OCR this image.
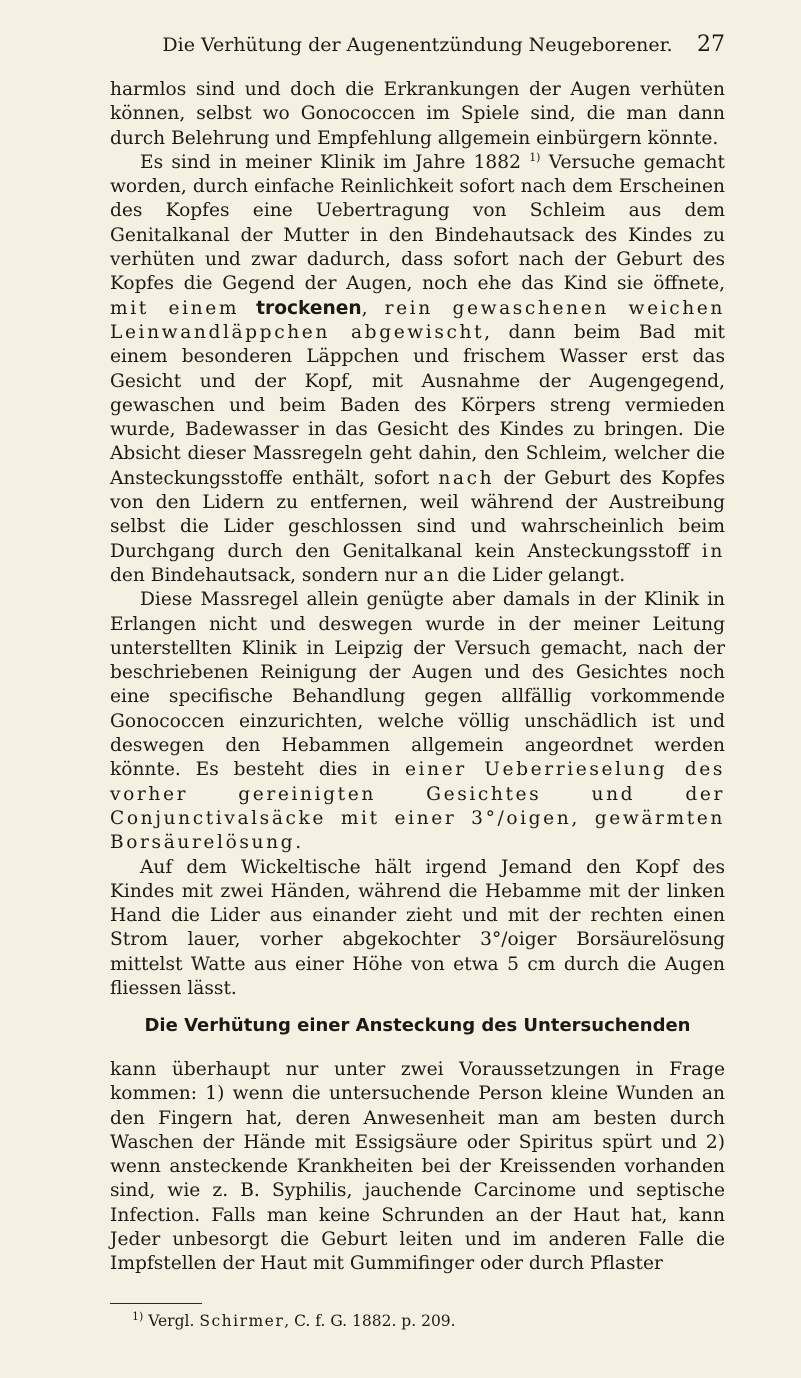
Die Verhütung der Augenentzündung Neugeborener.	27

harmlos sind und doch die Erkrankungen der Augen verhüten können, selbst wo Gonococcen im Spiele sind, die man dann durch Belehrung und Empfehlung allgemein einbürgern könnte.

Es sind in meiner Klinik im Jahre 1882 $^{1)}$ Versuche gemacht worden, durch einfache Reinlichkeit sofort nach dem Erscheinen des Kopfes eine Uebertragung von Schleim aus dem Genitalkanal der Mutter in den Bindehautsack des Kindes zu verhüten und zwar dadurch, dass sofort nach der Geburt des Kopfes die Gegend der Augen, noch ehe das Kind sie öffnete, mit einem trockenen, rein gewaschenen weichen Leinwandläppchen abgewischt, dann beim Bad mit einem besonderen Läppchen und frischem Wasser erst das Gesicht und der Kopf, mit Ausnahme der Augengegend, gewaschen und beim Baden des Körpers streng vermieden wurde, Badewasser in das Gesicht des Kindes zu bringen. Die Absicht dieser Massregeln geht dahin, den Schleim, welcher die Ansteckungsstoffe enthält, sofort nach der Geburt des Kopfes von den Lidern zu entfernen, weil während der Austreibung selbst die Lider geschlossen sind und wahrscheinlich beim Durchgang durch den Genitalkanal kein Ansteckungsstoff in den Bindehautsack, sondern nur an die Lider gelangt.

Diese Massregel allein genügte aber damals in der Klinik in Erlangen nicht und deswegen wurde in der meiner Leitung unterstellten Klinik in Leipzig der Versuch gemacht, nach der beschriebenen Reinigung der Augen und des Gesichtes noch eine specifische Behandlung gegen allfällig vorkommende Gonococcen einzurichten, welche völlig unschädlich ist und deswegen den Hebammen allgemein angeordnet werden könnte. Es besteht dies in einer Ueberrieselung des vorher gereinigten Gesichtes und der Conjunctivalsäcke mit einer 3°/oigen, gewärmten Borsäurelösung.

Auf dem Wickeltische hält irgend Jemand den Kopf des Kindes mit zwei Händen, während die Hebamme mit der linken Hand die Lider aus einander zieht und mit der rechten einen Strom lauer, vorher abgekochter 3°/oiger Borsäurelösung mittelst Watte aus einer Höhe von etwa 5 cm durch die Augen fliessen lässt.

Die Verhütung einer Ansteckung des Untersuchenden

kann überhaupt nur unter zwei Voraussetzungen in Frage kommen: 1) wenn die untersuchende Person kleine Wunden an den Fingern hat, deren Anwesenheit man am besten durch Waschen der Hände mit Essigsäure oder Spiritus spürt und 2) wenn ansteckende Krankheiten bei der Kreissenden vorhanden sind, wie z. B. Syphilis, jauchende Carcinome und septische Infection. Falls man keine Schrunden an der Haut hat, kann Jeder unbesorgt die Geburt leiten und im anderen Falle die Impfstellen der Haut mit Gummifinger oder durch Pflaster

$^{1)}$ Vergl. Schirmer, C. f. G. 1882. p. 209.
